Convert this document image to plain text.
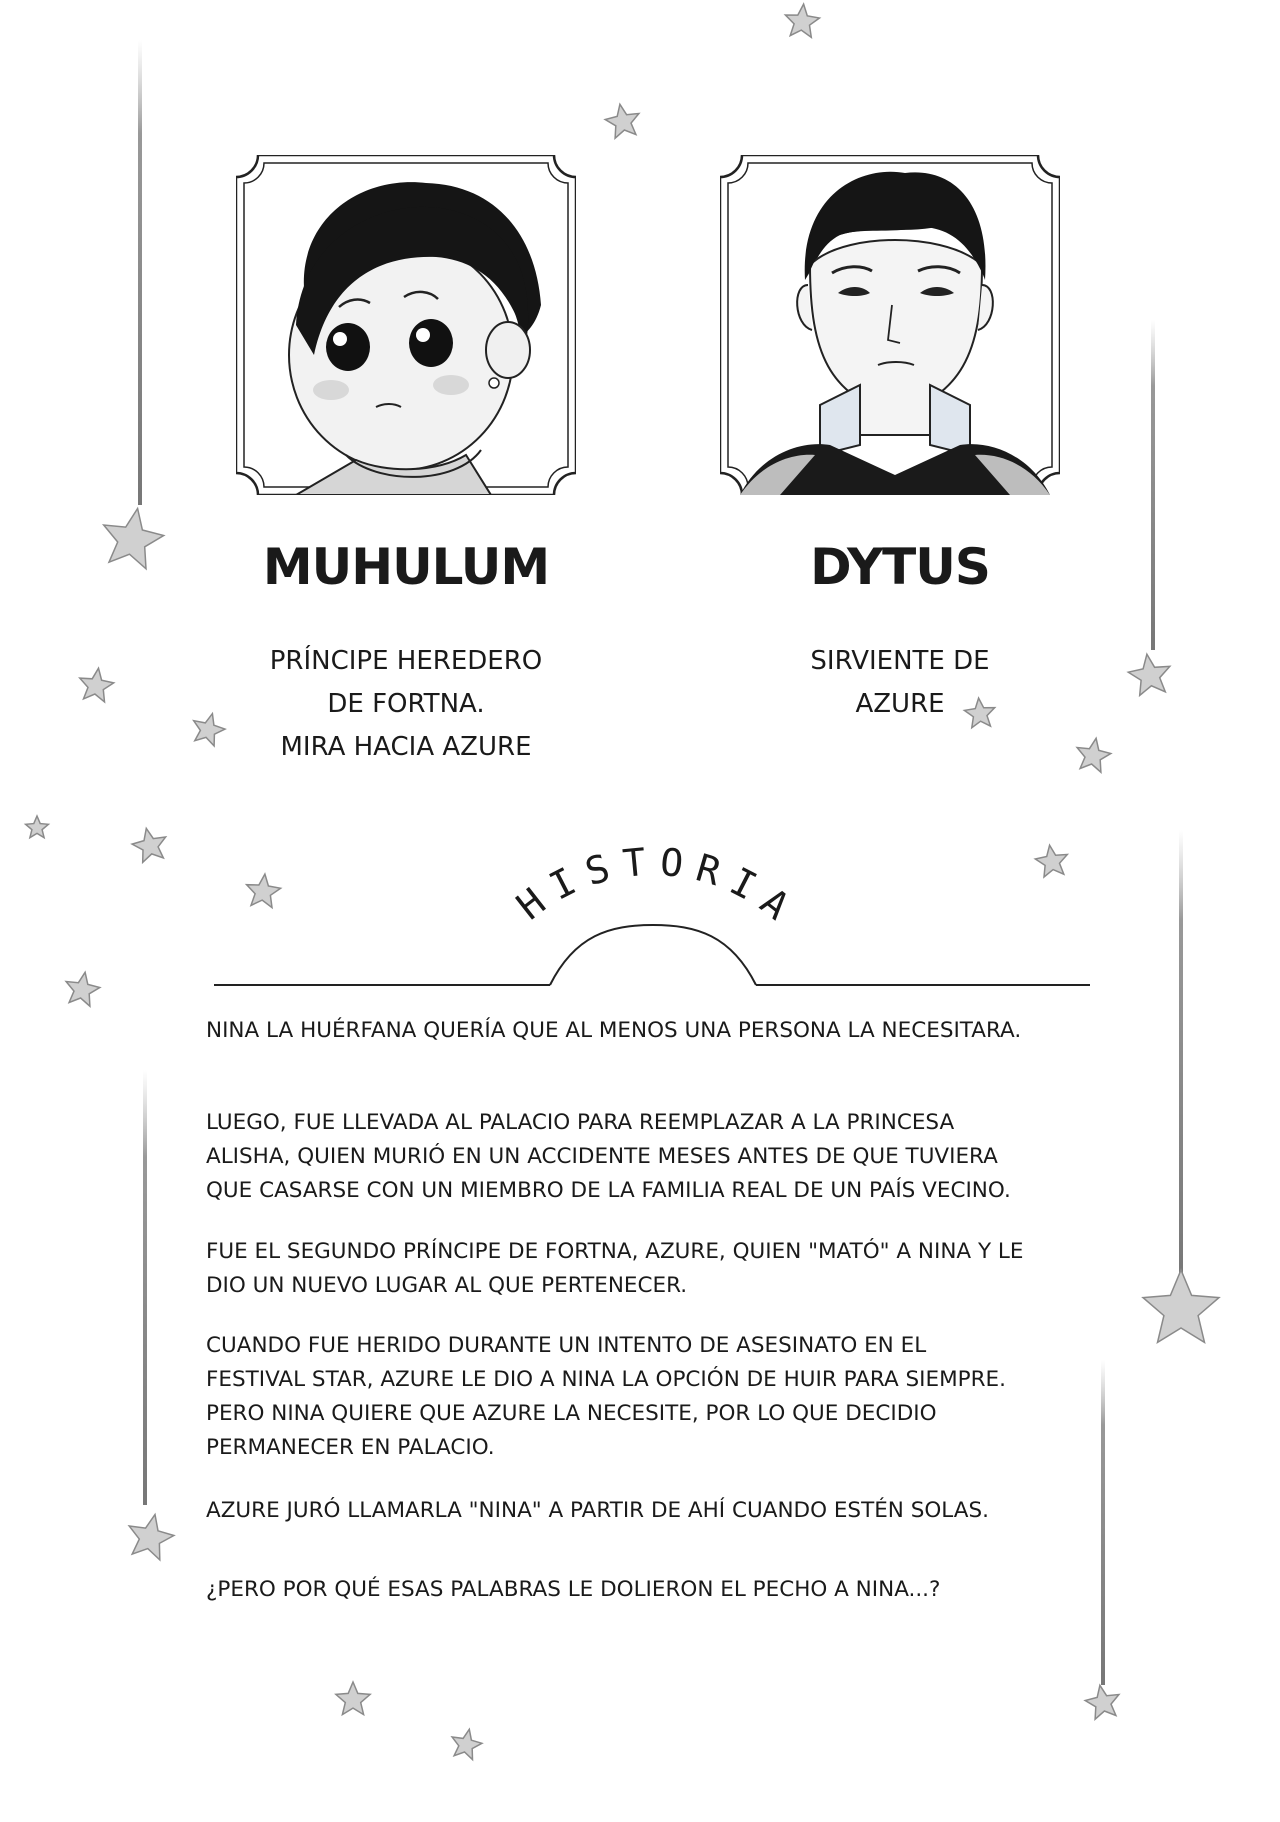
MUHULUM	DYTUS
PRÍNCIPE HEREDERO
DE FORTNA.
MIRA HACIA AZURE
SIRVIENTE DE
AZURE
H
I
S T O R
I
A
NINA LA HUÉRFANA QUERÍA QUE AL MENOS UNA PERSONA LA NECESITARA.
LUEGO, FUE LLEVADA AL PALACIO PARA REEMPLAZAR A LA PRINCESA
ALISHA, QUIEN MURIÓ EN UN ACCIDENTE MESES ANTES DE QUE TUVIERA
QUE CASARSE CON UN MIEMBRO DE LA FAMILIA REAL DE UN PAÍS VECINO.
FUE EL SEGUNDO PRÍNCIPE DE FORTNA, AZURE, QUIEN "MATÓ" A NINA Y LE
DIO UN NUEVO LUGAR AL QUE PERTENECER.
CUANDO FUE HERIDO DURANTE UN INTENTO DE ASESINATO EN EL
FESTIVAL STAR, AZURE LE DIO A NINA LA OPCIÓN DE HUIR PARA SIEMPRE.
PERO NINA QUIERE QUE AZURE LA NECESITE, POR LO QUE DECIDIO
PERMANECER EN PALACIO.
AZURE JURÓ LLAMARLA "NINA" A PARTIR DE AHÍ CUANDO ESTÉN SOLAS.
¿PERO POR QUÉ ESAS PALABRAS LE DOLIERON EL PECHO A NINA...?
